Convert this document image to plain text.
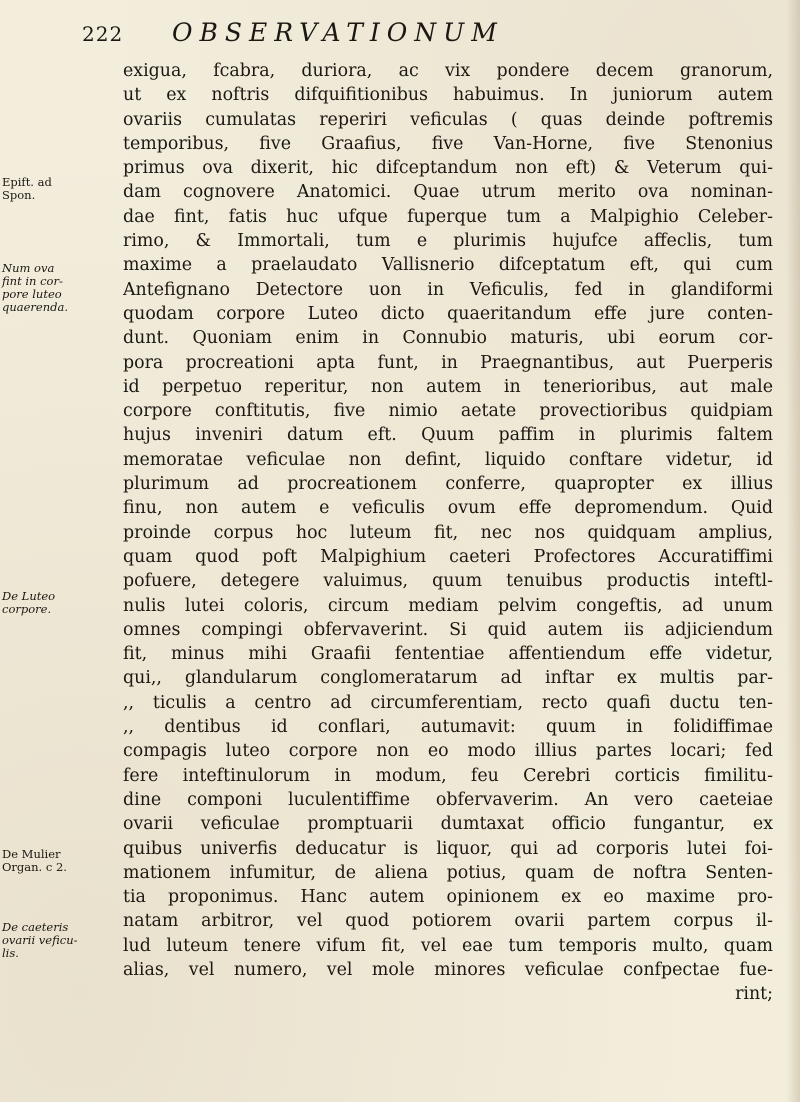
222 OBSERVATIONUM
Epift. ad
Spon.
Num ova
fint in cor-
pore luteo
quaerenda.
De Luteo
corpore.
De Mulier
Organ. c 2.
De caeteris
ovarii veficu-
lis.
exigua, fcabra, duriora, ac vix pondere decem granorum,
ut ex noftris difquifitionibus habuimus. In juniorum autem
ovariis cumulatas reperiri veficulas ( quas deinde poftremis
temporibus, five Graafius, five Van-Horne, five Stenonius
primus ova dixerit, hic difceptandum non eft) & Veterum qui-
dam cognovere Anatomici. Quae utrum merito ova nominan-
dae fint, fatis huc ufque fuperque tum a Malpighio Celeber-
rimo, & Immortali, tum e plurimis hujufce affeclis, tum
maxime a praelaudato Vallisnerio difceptatum eft, qui cum
Antefignano Detectore uon in Veficulis, fed in glandiformi
quodam corpore Luteo dicto quaeritandum effe jure conten-
dunt. Quoniam enim in Connubio maturis, ubi eorum cor-
pora procreationi apta funt, in Praegnantibus, aut Puerperis
id perpetuo reperitur, non autem in tenerioribus, aut male
corpore conftitutis, five nimio aetate provectioribus quidpiam
hujus inveniri datum eft. Quum paffim in plurimis faltem
memoratae veficulae non defint, liquido conftare videtur, id
plurimum ad procreationem conferre, quapropter ex illius
finu, non autem e veficulis ovum effe depromendum. Quid
proinde corpus hoc luteum fit, nec nos quidquam amplius,
quam quod poft Malpighium caeteri Profectores Accuratiffimi
pofuere, detegere valuimus, quum tenuibus productis inteftl-
nulis lutei coloris, circum mediam pelvim congeftis, ad unum
omnes compingi obfervaverint. Si quid autem iis adjiciendum
fit, minus mihi Graafii fententiae affentiendum effe videtur,
qui,, glandularum conglomeratarum ad inftar ex multis par-
,, ticulis a centro ad circumferentiam, recto quafi ductu ten-
,, dentibus id conflari, autumavit: quum in folidiffimae
compagis luteo corpore non eo modo illius partes locari; fed
fere inteftinulorum in modum, feu Cerebri corticis fimilitu-
dine componi luculentiffime obfervaverim. An vero caeteiae
ovarii veficulae promptuarii dumtaxat officio fungantur, ex
quibus univerfis deducatur is liquor, qui ad corporis lutei foi-
mationem infumitur, de aliena potius, quam de noftra Senten-
tia proponimus. Hanc autem opinionem ex eo maxime pro-
natam arbitror, vel quod potiorem ovarii partem corpus il-
lud luteum tenere vifum fit, vel eae tum temporis multo, quam
alias, vel numero, vel mole minores veficulae confpectae fue-
rint;
